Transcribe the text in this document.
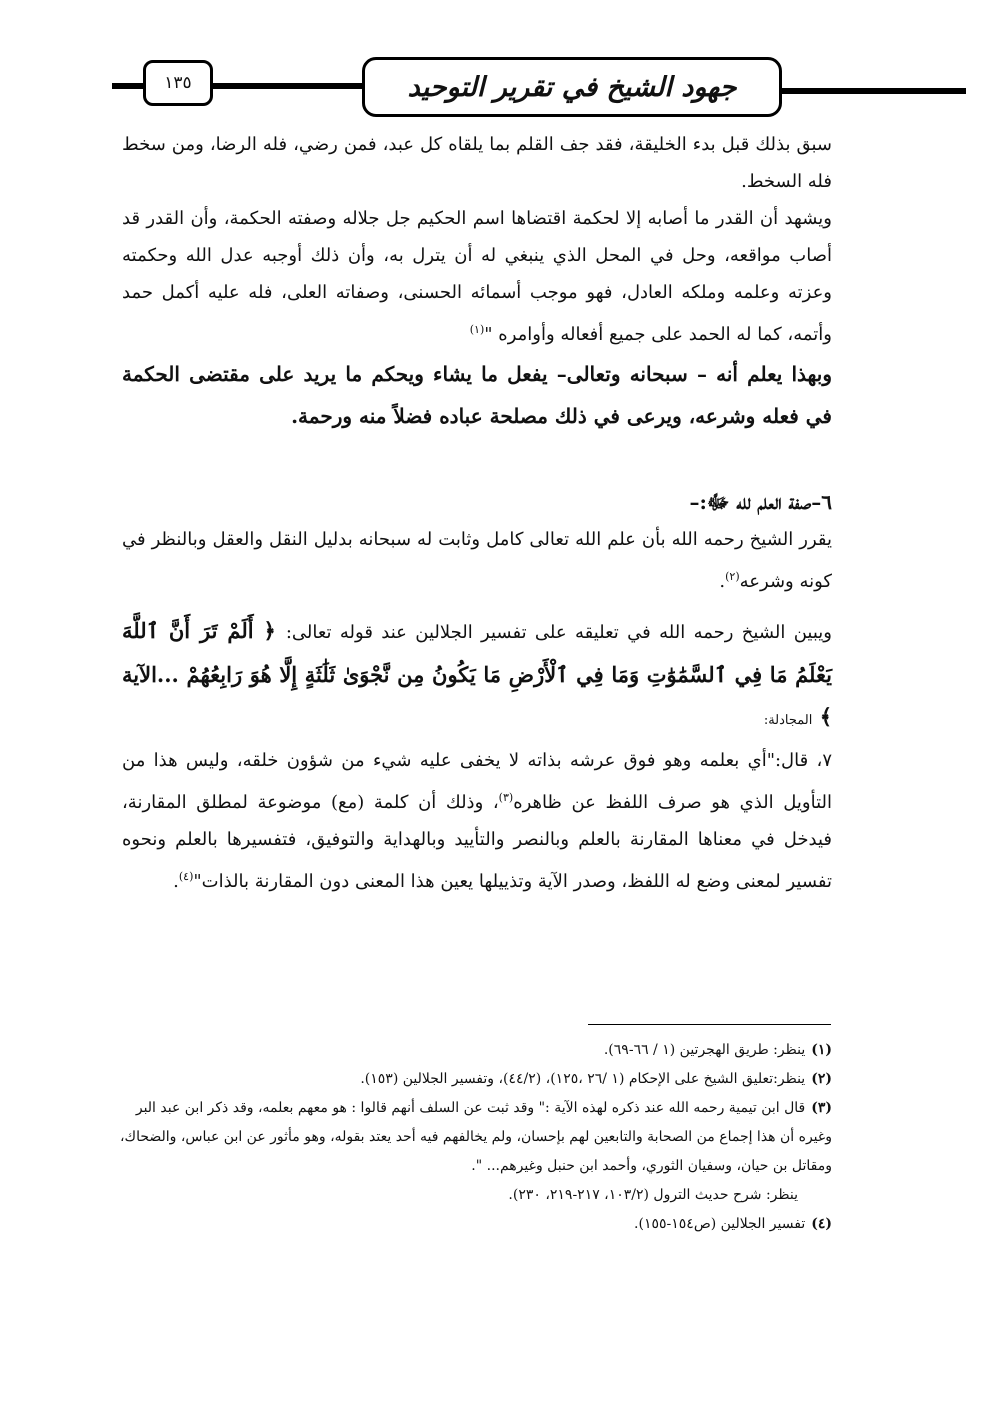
١٣٥	جهود الشيخ في تقرير التوحيد

سبق بذلك قبل بدء الخليقة، فقد جف القلم بما يلقاه كل عبد، فمن رضي، فله الرضا، ومن سخط فله السخط.

ويشهد أن القدر ما أصابه إلا لحكمة اقتضاها اسم الحكيم جل جلاله وصفته الحكمة، وأن القدر قد أصاب مواقعه، وحل في المحل الذي ينبغي له أن يترل به، وأن ذلك أوجبه عدل الله وحكمته وعزته وعلمه وملكه العادل، فهو موجب أسمائه الحسنى، وصفاته العلى، فله عليه أكمل حمد وأتمه، كما له الحمد على جميع أفعاله وأوامره "$^{(١)}$

وبهذا يعلم أنه – سبحانه وتعالى– يفعل ما يشاء ويحكم ما يريد على مقتضى الحكمة في فعله وشرعه، ويرعى في ذلك مصلحة عباده فضلاً منه ورحمة.

٦–صفة العلم لله ﷻ:–

يقرر الشيخ رحمه الله بأن علم الله تعالى كامل وثابت له سبحانه بدليل النقل والعقل وبالنظر في كونه وشرعه$^{(٢)}$.

ويبين الشيخ رحمه الله في تعليقه على تفسير الجلالين عند قوله تعالى: ﴿ أَلَمْ تَرَ أَنَّ ٱللَّهَ يَعْلَمُ مَا فِي ٱلسَّمَٰوَٰتِ وَمَا فِي ٱلْأَرْضِ مَا يَكُونُ مِن نَّجْوَىٰ ثَلَٰثَةٍ إِلَّا هُوَ رَابِعُهُمْ ...الآية ﴾ المجادلة:

٧، قال:"أي بعلمه وهو فوق عرشه بذاته لا يخفى عليه شيء من شؤون خلقه، وليس هذا من التأويل الذي هو صرف اللفظ عن ظاهره$^{(٣)}$، وذلك أن كلمة (مع) موضوعة لمطلق المقارنة، فيدخل في معناها المقارنة بالعلم وبالنصر والتأييد وبالهداية والتوفيق، فتفسيرها بالعلم ونحوه تفسير لمعنى وضع له اللفظ، وصدر الآية وتذييلها يعين هذا المعنى دون المقارنة بالذات"$^{(٤)}$.

(١)ينظر: طريق الهجرتين (١ / ٦٦-٦٩).

(٢)ينظر:تعليق الشيخ على الإحكام (١ /٢٦ ،١٢٥)، (٤٤/٢)، وتفسير الجلالين (١٥٣).

(٣)قال ابن تيمية رحمه الله عند ذكره لهذه الآية :" وقد ثبت عن السلف أنهم قالوا : هو معهم بعلمه، وقد ذكر ابن عبد البر وغيره أن هذا إجماع من الصحابة والتابعين لهم بإحسان، ولم يخالفهم فيه أحد يعتد بقوله، وهو مأثور عن ابن عباس، والضحاك، ومقاتل بن حيان، وسفيان الثوري، وأحمد ابن حنبل وغيرهم... ".

ينظر: شرح حديث الترول (١٠٣/٢، ٢١٧-٢١٩، ٢٣٠).

(٤)تفسير الجلالين (ص١٥٤-١٥٥).
